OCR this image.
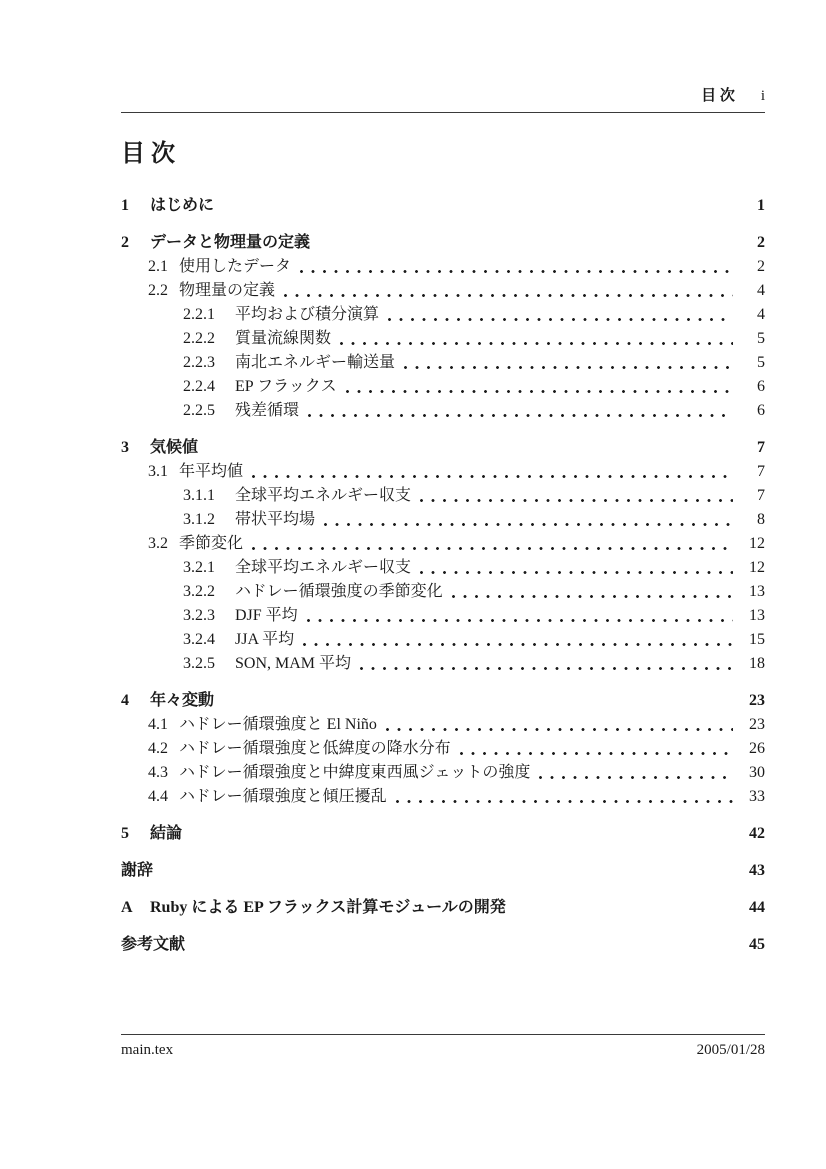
目 次 i
目 次
1	はじめに	1
2	データと物理量の定義	2
2.1 使用したデータ	2
2.2 物理量の定義	4
2.2.1	平均および積分演算	4
2.2.2	質量流線関数	5
2.2.3	南北エネルギー輸送量	5
2.2.4	EP フラックス	6
2.2.5	残差循環	6
3	気候値	7
3.1 年平均値	7
3.1.1	全球平均エネルギー収支	7
3.1.2	帯状平均場	8
3.2 季節変化	12
3.2.1	全球平均エネルギー収支	12
3.2.2	ハドレー循環強度の季節変化	13
3.2.3	DJF 平均	13
3.2.4	JJA 平均	15
3.2.5	SON, MAM 平均	18
4	年々変動	23
4.1 ハドレー循環強度と El Niño	23
4.2 ハドレー循環強度と低緯度の降水分布	26
4.3 ハドレー循環強度と中緯度東西風ジェットの強度	30
4.4 ハドレー循環強度と傾圧擾乱	33
5	結論	42
謝辞	43
A	Ruby による EP フラックス計算モジュールの開発	44
参考文献	45
main.tex	2005/01/28
